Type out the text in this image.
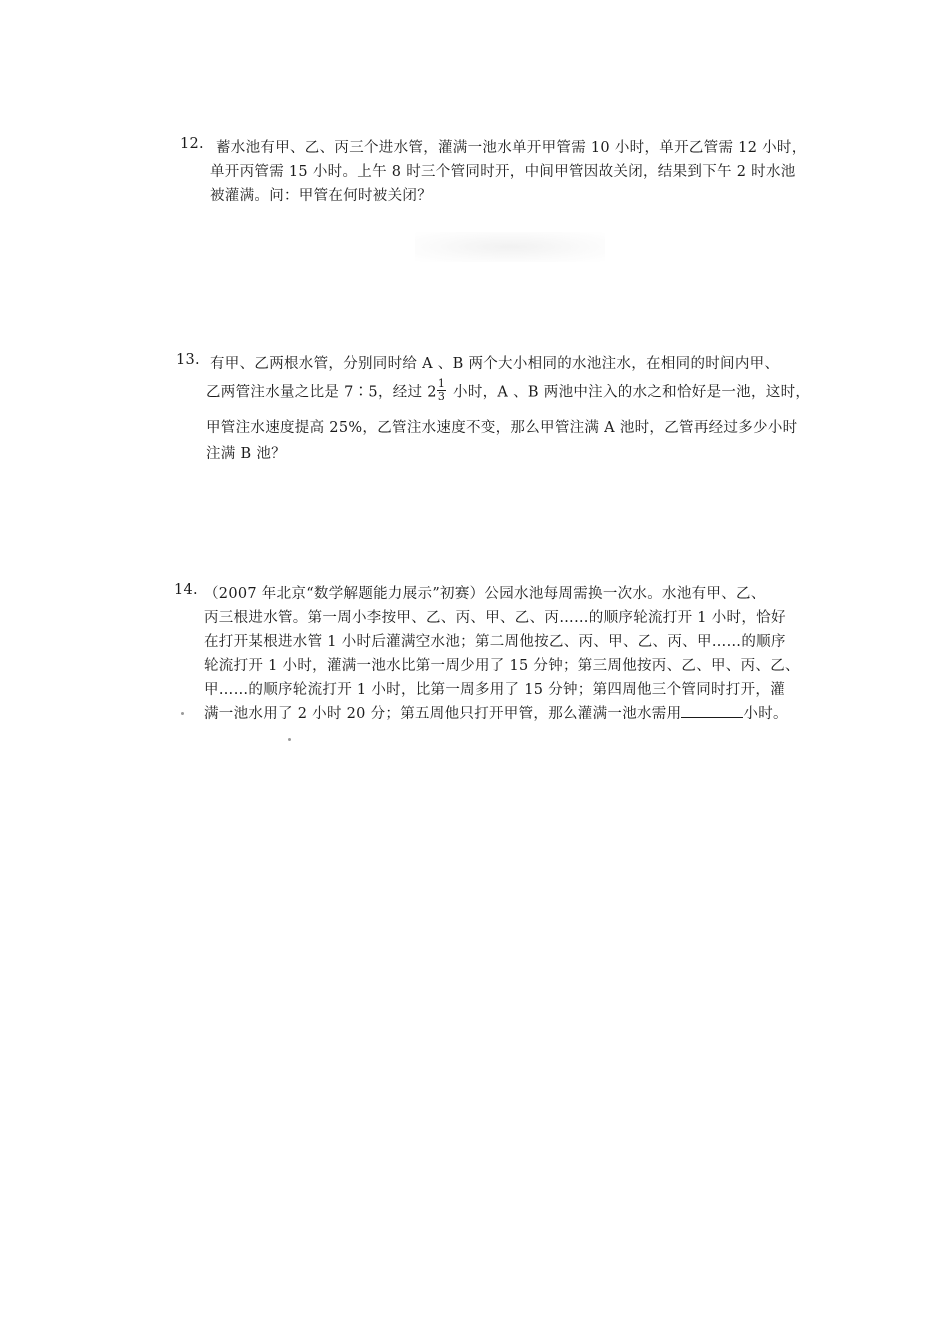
12. 蓄水池有甲、乙、丙三个进水管，灌满一池水单开甲管需 10 小时，单开乙管需 12 小时，
单开丙管需 15 小时。上午 8 时三个管同时开，中间甲管因故关闭，结果到下午 2 时水池
被灌满。问：甲管在何时被关闭？
13. 有甲、乙两根水管，分别同时给 A 、B 两个大小相同的水池注水，在相同的时间内甲、
乙两管注水量之比是 7∶5，经过 $2 \frac{1}{3}$ 小时，A 、B 两池中注入的水之和恰好是一池，这时，
甲管注水速度提高 25%，乙管注水速度不变，那么甲管注满 A 池时，乙管再经过多少小时
注满 B 池？
14. （2007 年北京“数学解题能力展示”初赛）公园水池每周需换一次水。水池有甲、乙、
丙三根进水管。第一周小李按甲、乙、丙、甲、乙、丙……的顺序轮流打开 1 小时，恰好
在打开某根进水管 1 小时后灌满空水池；第二周他按乙、丙、甲、乙、丙、甲……的顺序
轮流打开 1 小时，灌满一池水比第一周少用了 15 分钟；第三周他按丙、乙、甲、丙、乙、
甲……的顺序轮流打开 1 小时，比第一周多用了 15 分钟；第四周他三个管同时打开，灌
满一池水用了 2 小时 20 分；第五周他只打开甲管，那么灌满一池水需用	小时。
